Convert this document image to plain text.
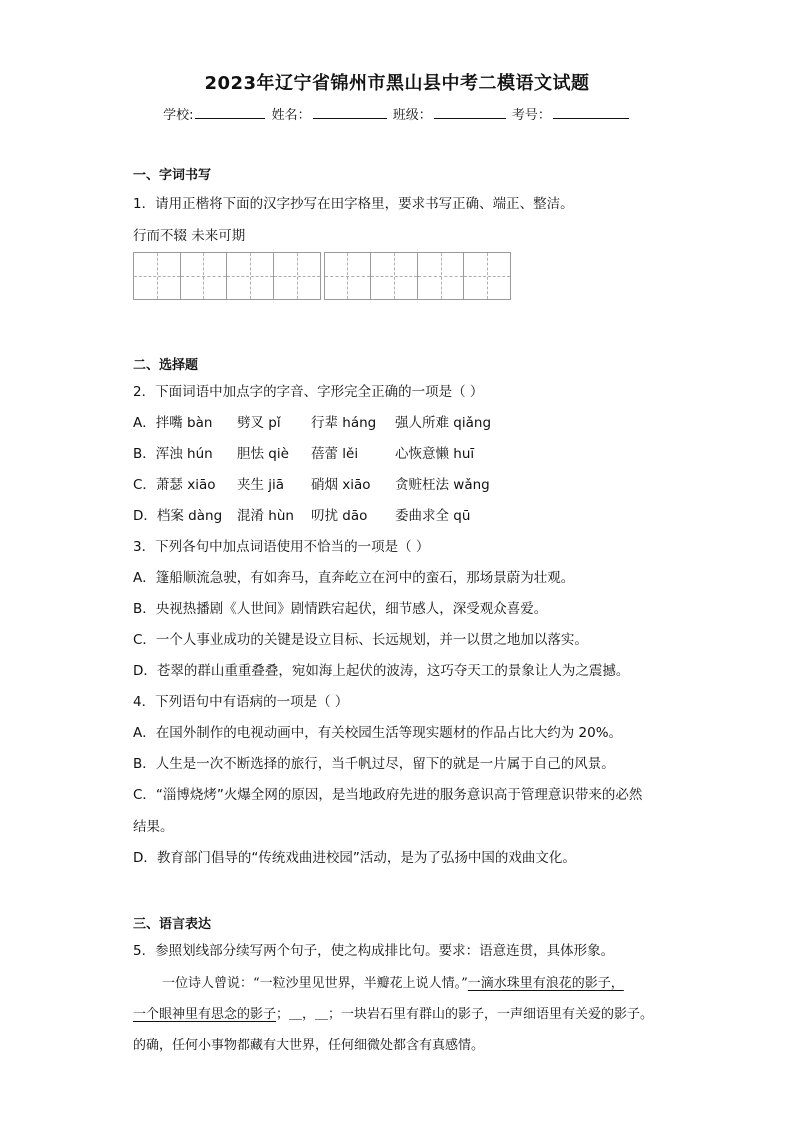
2023年辽宁省锦州市黑山县中考二模语文试题
学校:	姓名：	班级：	考号：
一、字词书写
1．请用正楷将下面的汉字抄写在田字格里，要求书写正确、端正、整洁。
行而不辍 未来可期
二、选择题
2．下面词语中加点字的字音、字形完全正确的一项是（ ）
A．拌嘴 bàn 劈叉 pǐ 行辈 háng 强人所难 qiǎng
B．浑浊 hún 胆怯 qiè 蓓蕾 lěi	心恢意懒 huī
C．萧瑟 xiāo 夹生 jiā 硝烟 xiāo 贪赃枉法 wǎng
D．档案 dàng 混淆 hùn 叨扰 dāo 委曲求全 qū
3．下列各句中加点词语使用不恰当的一项是（ ）
A．篷船顺流急驶，有如奔马，直奔屹立在河中的蛮石，那场景蔚为壮观。
B．央视热播剧《人世间》剧情跌宕起伏，细节感人，深受观众喜爱。
C．一个人事业成功的关键是设立目标、长远规划，并一以贯之地加以落实。
D．苍翠的群山重重叠叠，宛如海上起伏的波涛，这巧夺天工的景象让人为之震撼。
4．下列语句中有语病的一项是（ ）
A．在国外制作的电视动画中，有关校园生活等现实题材的作品占比大约为 20%。
B．人生是一次不断选择的旅行，当千帆过尽，留下的就是一片属于自己的风景。
C．“淄博烧烤”火爆全网的原因，是当地政府先进的服务意识高于管理意识带来的必然
结果。
D．教育部门倡导的“传统戏曲进校园”活动，是为了弘扬中国的戏曲文化。
三、语言表达
5．参照划线部分续写两个句子，使之构成排比句。要求：语意连贯，具体形象。
一位诗人曾说：“一粒沙里见世界，半瓣花上说人情。”一滴水珠里有浪花的影子，
一个眼神里有思念的影子；＿，＿；一块岩石里有群山的影子，一声细语里有关爱的影子。
的确，任何小事物都藏有大世界，任何细微处都含有真感情。
